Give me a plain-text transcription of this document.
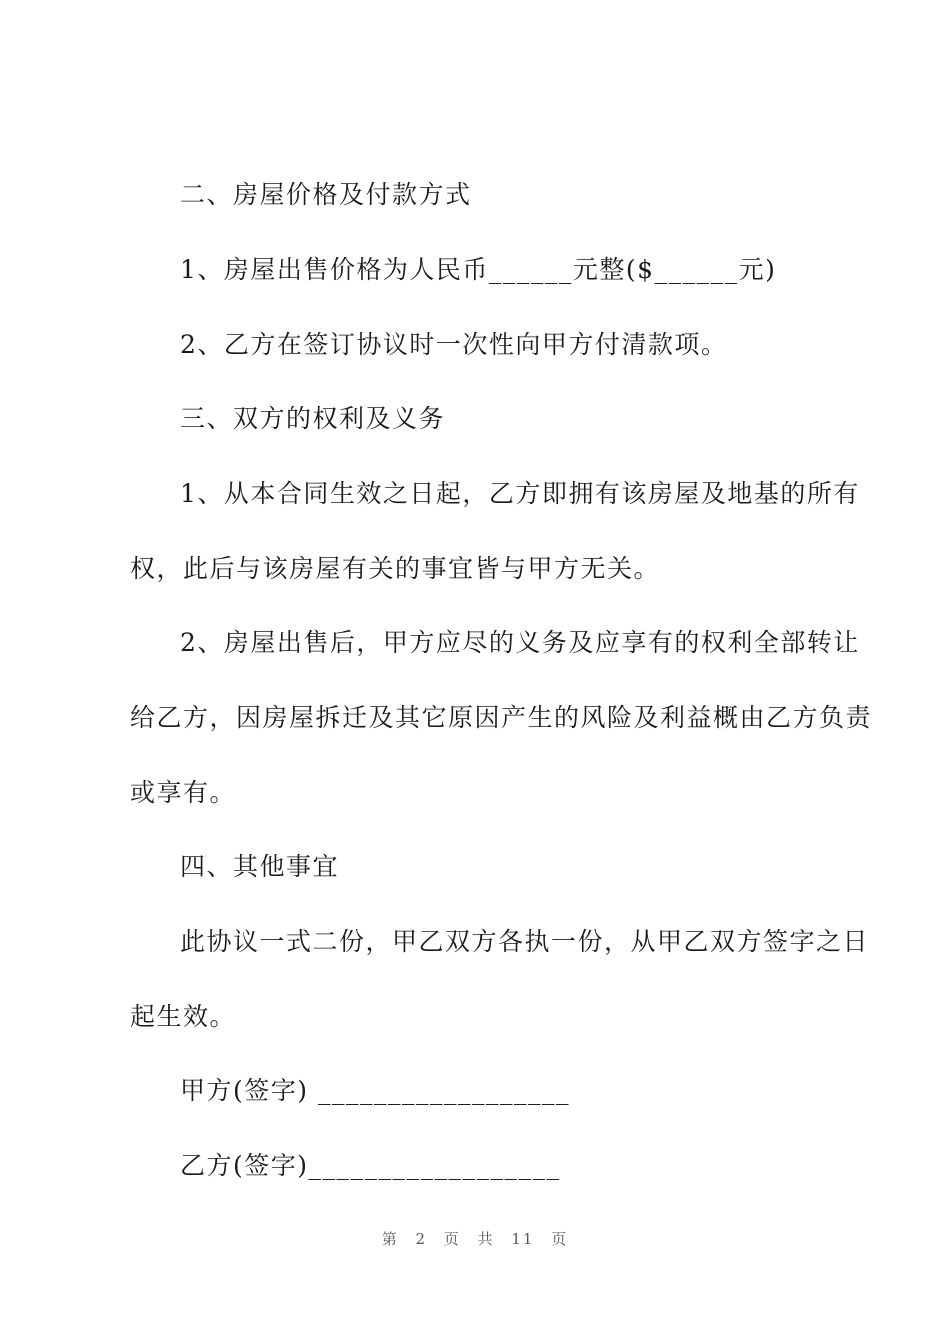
二、房屋价格及付款方式
1、房屋出售价格为人民币______元整($______元)
2、乙方在签订协议时一次性向甲方付清款项。
三、双方的权利及义务
1、从本合同生效之日起，乙方即拥有该房屋及地基的所有
权，此后与该房屋有关的事宜皆与甲方无关。
2、房屋出售后，甲方应尽的义务及应享有的权利全部转让
给乙方，因房屋拆迁及其它原因产生的风险及利益概由乙方负责
或享有。
四、其他事宜
此协议一式二份，甲乙双方各执一份，从甲乙双方签字之日
起生效。
甲方(签字) __________________
乙方(签字)__________________
第 2 页 共 11 页
